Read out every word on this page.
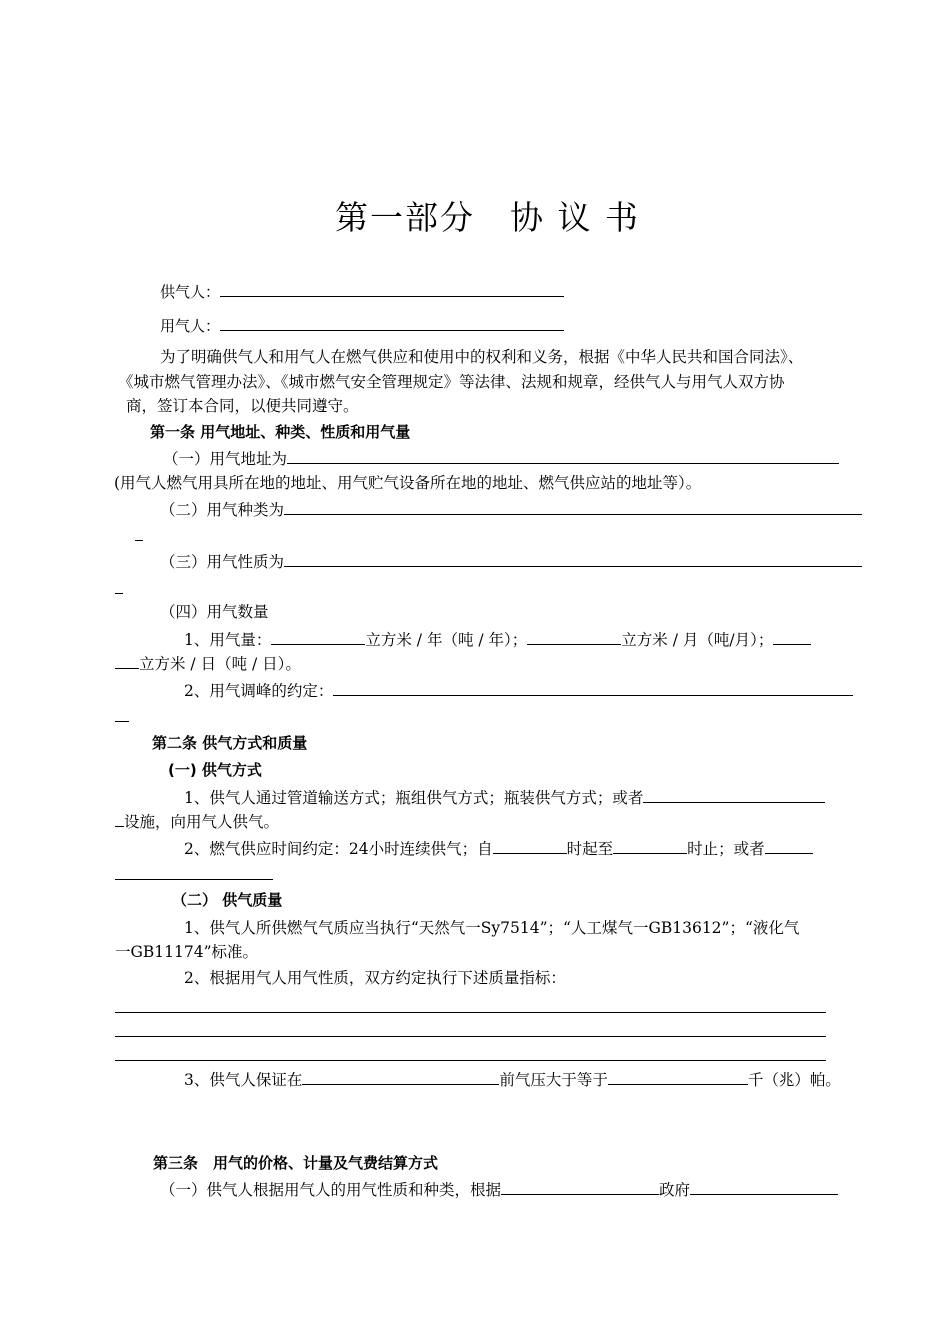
第一部分　协 议 书
供气人：
用气人：
为了明确供气人和用气人在燃气供应和使用中的权利和义务，根据《中华人民共和国合同法》、
《城市燃气管理办法》、《城市燃气安全管理规定》等法律、法规和规章，经供气人与用气人双方协
商，签订本合同，以便共同遵守。
第一条 用气地址、种类、性质和用气量
（一）用气地址为
(用气人燃气用具所在地的地址、用气贮气设备所在地的地址、燃气供应站的地址等）。
（二）用气种类为
（三）用气性质为
（四）用气数量
1、用气量：	立方米 / 年（吨 / 年）；	立方米 / 月（吨/月）；
立方米 / 日（吨 / 日）。
2、用气调峰的约定：
第二条 供气方式和质量
(一) 供气方式
1、供气人通过管道输送方式；瓶组供气方式；瓶装供气方式；或者
设施，向用气人供气。
2、燃气供应时间约定：24小时连续供气；自	时起至	时止；或者
（二） 供气质量
1、供气人所供燃气气质应当执行“天然气一Sy7514”；“人工煤气一GB13612”；“液化气
一GB11174”标准。
2、根据用气人用气性质，双方约定执行下述质量指标：
3、供气人保证在	前气压大于等于	千（兆）帕。
第三条　用气的价格、计量及气费结算方式
（一）供气人根据用气人的用气性质和种类，根据	政府
